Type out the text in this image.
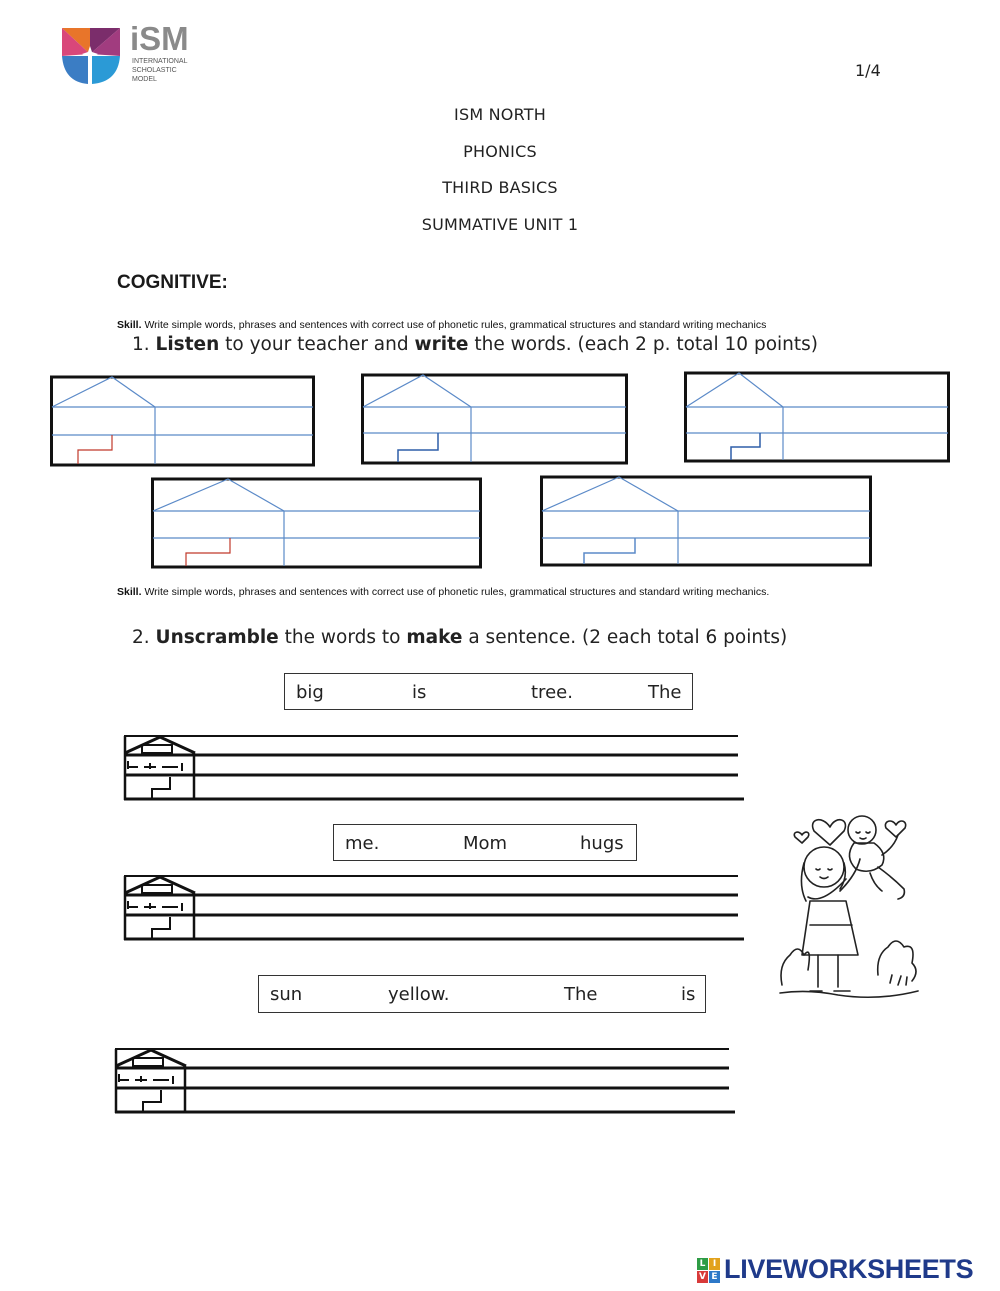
iSM
INTERNATIONAL
SCHOLASTIC
MODEL	1/4
ISM NORTH
PHONICS
THIRD BASICS
SUMMATIVE UNIT 1
COGNITIVE:
Skill. Write simple words, phrases and sentences with correct use of phonetic rules, grammatical structures and standard writing mechanics
1. Listen to your teacher and write the words. (each 2 p. total 10 points)
Skill. Write simple words, phrases and sentences with correct use of phonetic rules, grammatical structures and standard writing mechanics.
2. Unscramble the words to make a sentence. (2 each total 6 points)
big	is	tree.	The
me.	Mom	hugs
sun	yellow.	The	is
L I
V E LIVEWORKSHEETS
